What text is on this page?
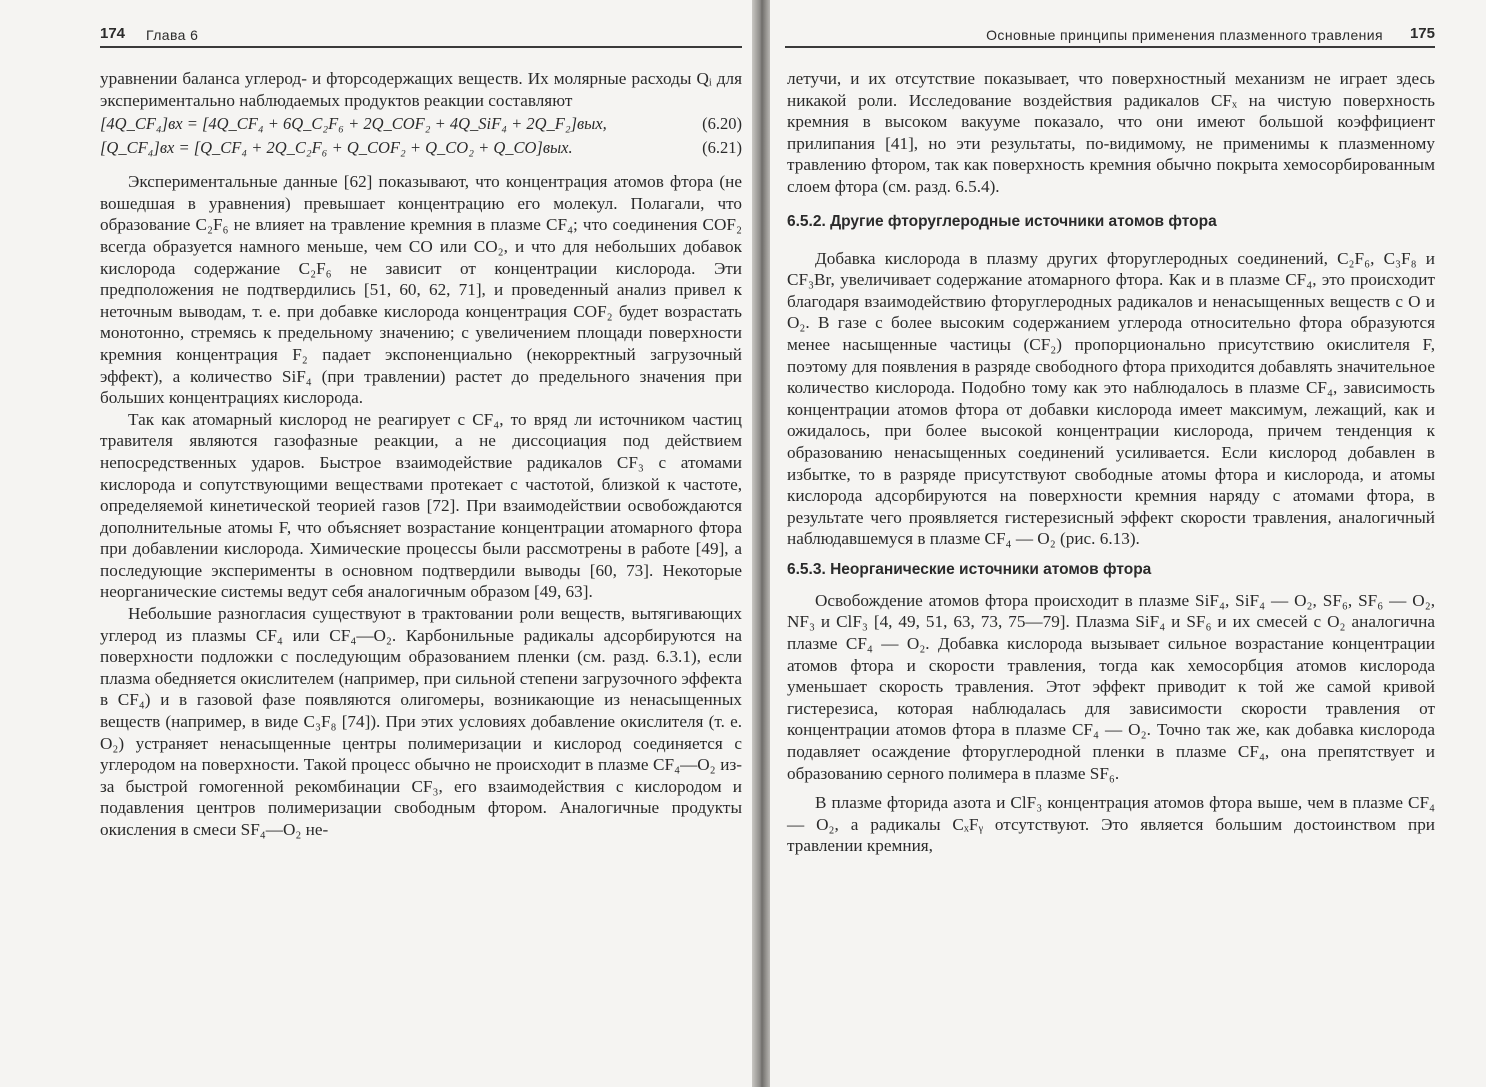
174 Глава 6

уравнении баланса углерод- и фторсодержащих веществ. Их молярные расходы Qᵢ для экспериментально наблюдаемых продуктов реакции составляют

[4Q_CF₄]вх = [4Q_CF₄ + 6Q_C₂F₆ + 2Q_COF₂ + 4Q_SiF₄ + 2Q_F₂]вых,	(6.20)
[Q_CF₄]вх = [Q_CF₄ + 2Q_C₂F₆ + Q_COF₂ + Q_CO₂ + Q_CO]вых.	(6.21)

Экспериментальные данные [62] показывают, что концентрация атомов фтора (не вошедшая в уравнения) превышает концентрацию его молекул. Полагали, что образование C₂F₆ не влияет на травление кремния в плазме CF₄; что соединения COF₂ всегда образуется намного меньше, чем CO или CO₂, и что для небольших добавок кислорода содержание C₂F₆ не зависит от концентрации кислорода. Эти предположения не подтвердились [51, 60, 62, 71], и проведенный анализ привел к неточным выводам, т. е. при добавке кислорода концентрация COF₂ будет возрастать монотонно, стремясь к предельному значению; с увеличением площади поверхности кремния концентрация F₂ падает экспоненциально (некорректный загрузочный эффект), а количество SiF₄ (при травлении) растет до предельного значения при больших концентрациях кислорода.

Так как атомарный кислород не реагирует с CF₄, то вряд ли источником частиц травителя являются газофазные реакции, а не диссоциация под действием непосредственных ударов. Быстрое взаимодействие радикалов CF₃ с атомами кислорода и сопутствующими веществами протекает с частотой, близкой к частоте, определяемой кинетической теорией газов [72]. При взаимодействии освобождаются дополнительные атомы F, что объясняет возрастание концентрации атомарного фтора при добавлении кислорода. Химические процессы были рассмотрены в работе [49], а последующие эксперименты в основном подтвердили выводы [60, 73]. Некоторые неорганические системы ведут себя аналогичным образом [49, 63].

Небольшие разногласия существуют в трактовании роли веществ, вытягивающих углерод из плазмы CF₄ или CF₄—O₂. Карбонильные радикалы адсорбируются на поверхности подложки с последующим образованием пленки (см. разд. 6.3.1), если плазма обедняется окислителем (например, при сильной степени загрузочного эффекта в CF₄) и в газовой фазе появляются олигомеры, возникающие из ненасыщенных веществ (например, в виде C₃F₈ [74]). При этих условиях добавление окислителя (т. е. O₂) устраняет ненасыщенные центры полимеризации и кислород соединяется с углеродом на поверхности. Такой процесс обычно не происходит в плазме CF₄—O₂ из-за быстрой гомогенной рекомбинации CF₃, его взаимодействия с кислородом и подавления центров полимеризации свободным фтором. Аналогичные продукты окисления в смеси SF₄—O₂ не-

Основные принципы применения плазменного травления 175

летучи, и их отсутствие показывает, что поверхностный механизм не играет здесь никакой роли. Исследование воздействия радикалов CFₓ на чистую поверхность кремния в высоком вакууме показало, что они имеют большой коэффициент прилипания [41], но эти результаты, по-видимому, не применимы к плазменному травлению фтором, так как поверхность кремния обычно покрыта хемосорбированным слоем фтора (см. разд. 6.5.4).

6.5.2. Другие фторуглеродные источники атомов фтора

Добавка кислорода в плазму других фторуглеродных соединений, C₂F₆, C₃F₈ и CF₃Br, увеличивает содержание атомарного фтора. Как и в плазме CF₄, это происходит благодаря взаимодействию фторуглеродных радикалов и ненасыщенных веществ с O и O₂. В газе с более высоким содержанием углерода относительно фтора образуются менее насыщенные частицы (CF₂) пропорционально присутствию окислителя F, поэтому для появления в разряде свободного фтора приходится добавлять значительное количество кислорода. Подобно тому как это наблюдалось в плазме CF₄, зависимость концентрации атомов фтора от добавки кислорода имеет максимум, лежащий, как и ожидалось, при более высокой концентрации кислорода, причем тенденция к образованию ненасыщенных соединений усиливается. Если кислород добавлен в избытке, то в разряде присутствуют свободные атомы фтора и кислорода, и атомы кислорода адсорбируются на поверхности кремния наряду с атомами фтора, в результате чего проявляется гистерезисный эффект скорости травления, аналогичный наблюдавшемуся в плазме CF₄ — O₂ (рис. 6.13).

6.5.3. Неорганические источники атомов фтора

Освобождение атомов фтора происходит в плазме SiF₄, SiF₄ — O₂, SF₆, SF₆ — O₂, NF₃ и ClF₃ [4, 49, 51, 63, 73, 75—79]. Плазма SiF₄ и SF₆ и их смесей с O₂ аналогична плазме CF₄ — O₂. Добавка кислорода вызывает сильное возрастание концентрации атомов фтора и скорости травления, тогда как хемосорбция атомов кислорода уменьшает скорость травления. Этот эффект приводит к той же самой кривой гистерезиса, которая наблюдалась для зависимости скорости травления от концентрации атомов фтора в плазме CF₄ — O₂. Точно так же, как добавка кислорода подавляет осаждение фторуглеродной пленки в плазме CF₄, она препятствует и образованию серного полимера в плазме SF₆.

В плазме фторида азота и ClF₃ концентрация атомов фтора выше, чем в плазме CF₄ — O₂, а радикалы CₓFᵧ отсутствуют. Это является большим достоинством при травлении кремния,
